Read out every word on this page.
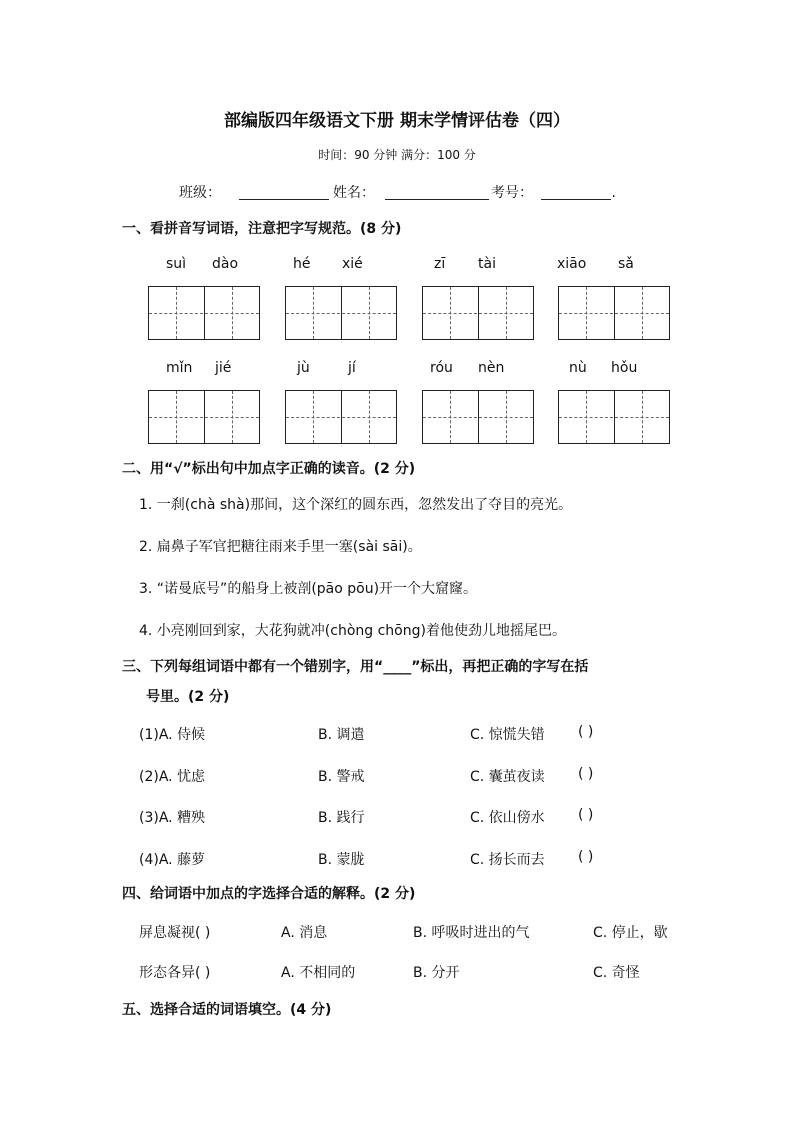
部编版四年级语文下册 期末学情评估卷（四）
时间：90 分钟 满分：100 分
班级：	姓名：	考号：	.
一、看拼音写词语，注意把字写规范。(8 分)
suì dào	hé xié	zī tài	xiāo sǎ
mǐn jié	jù	jí	róu nèn	nù hǒu
二、用“√”标出句中加点字正确的读音。(2 分)
1. 一刹(chà shà)那间，这个深红的圆东西，忽然发出了夺目的亮光。
2. 扁鼻子军官把糖往雨来手里一塞(sài sāi)。
3. “诺曼底号”的船身上被剖(pāo pōu)开一个大窟窿。
4. 小亮刚回到家，大花狗就冲(chòng chōng)着他使劲儿地摇尾巴。
三、下列每组词语中都有一个错别字，用“____”标出，再把正确的字写在括
号里。(2 分)
(1)A. 侍候	B. 调遣	C. 惊慌失错 ( )
(2)A. 忧虑	B. 警戒	C. 囊茧夜读 ( )
(3)A. 糟殃	B. 践行	C. 依山傍水 ( )
(4)A. 藤萝	B. 蒙胧	C. 扬长而去 ( )
四、给词语中加点的字选择合适的解释。(2 分)
屏息凝视( )	A. 消息	B. 呼吸时进出的气	C. 停止，歇
形态各异( )	A. 不相同的	B. 分开	C. 奇怪
五、选择合适的词语填空。(4 分)
